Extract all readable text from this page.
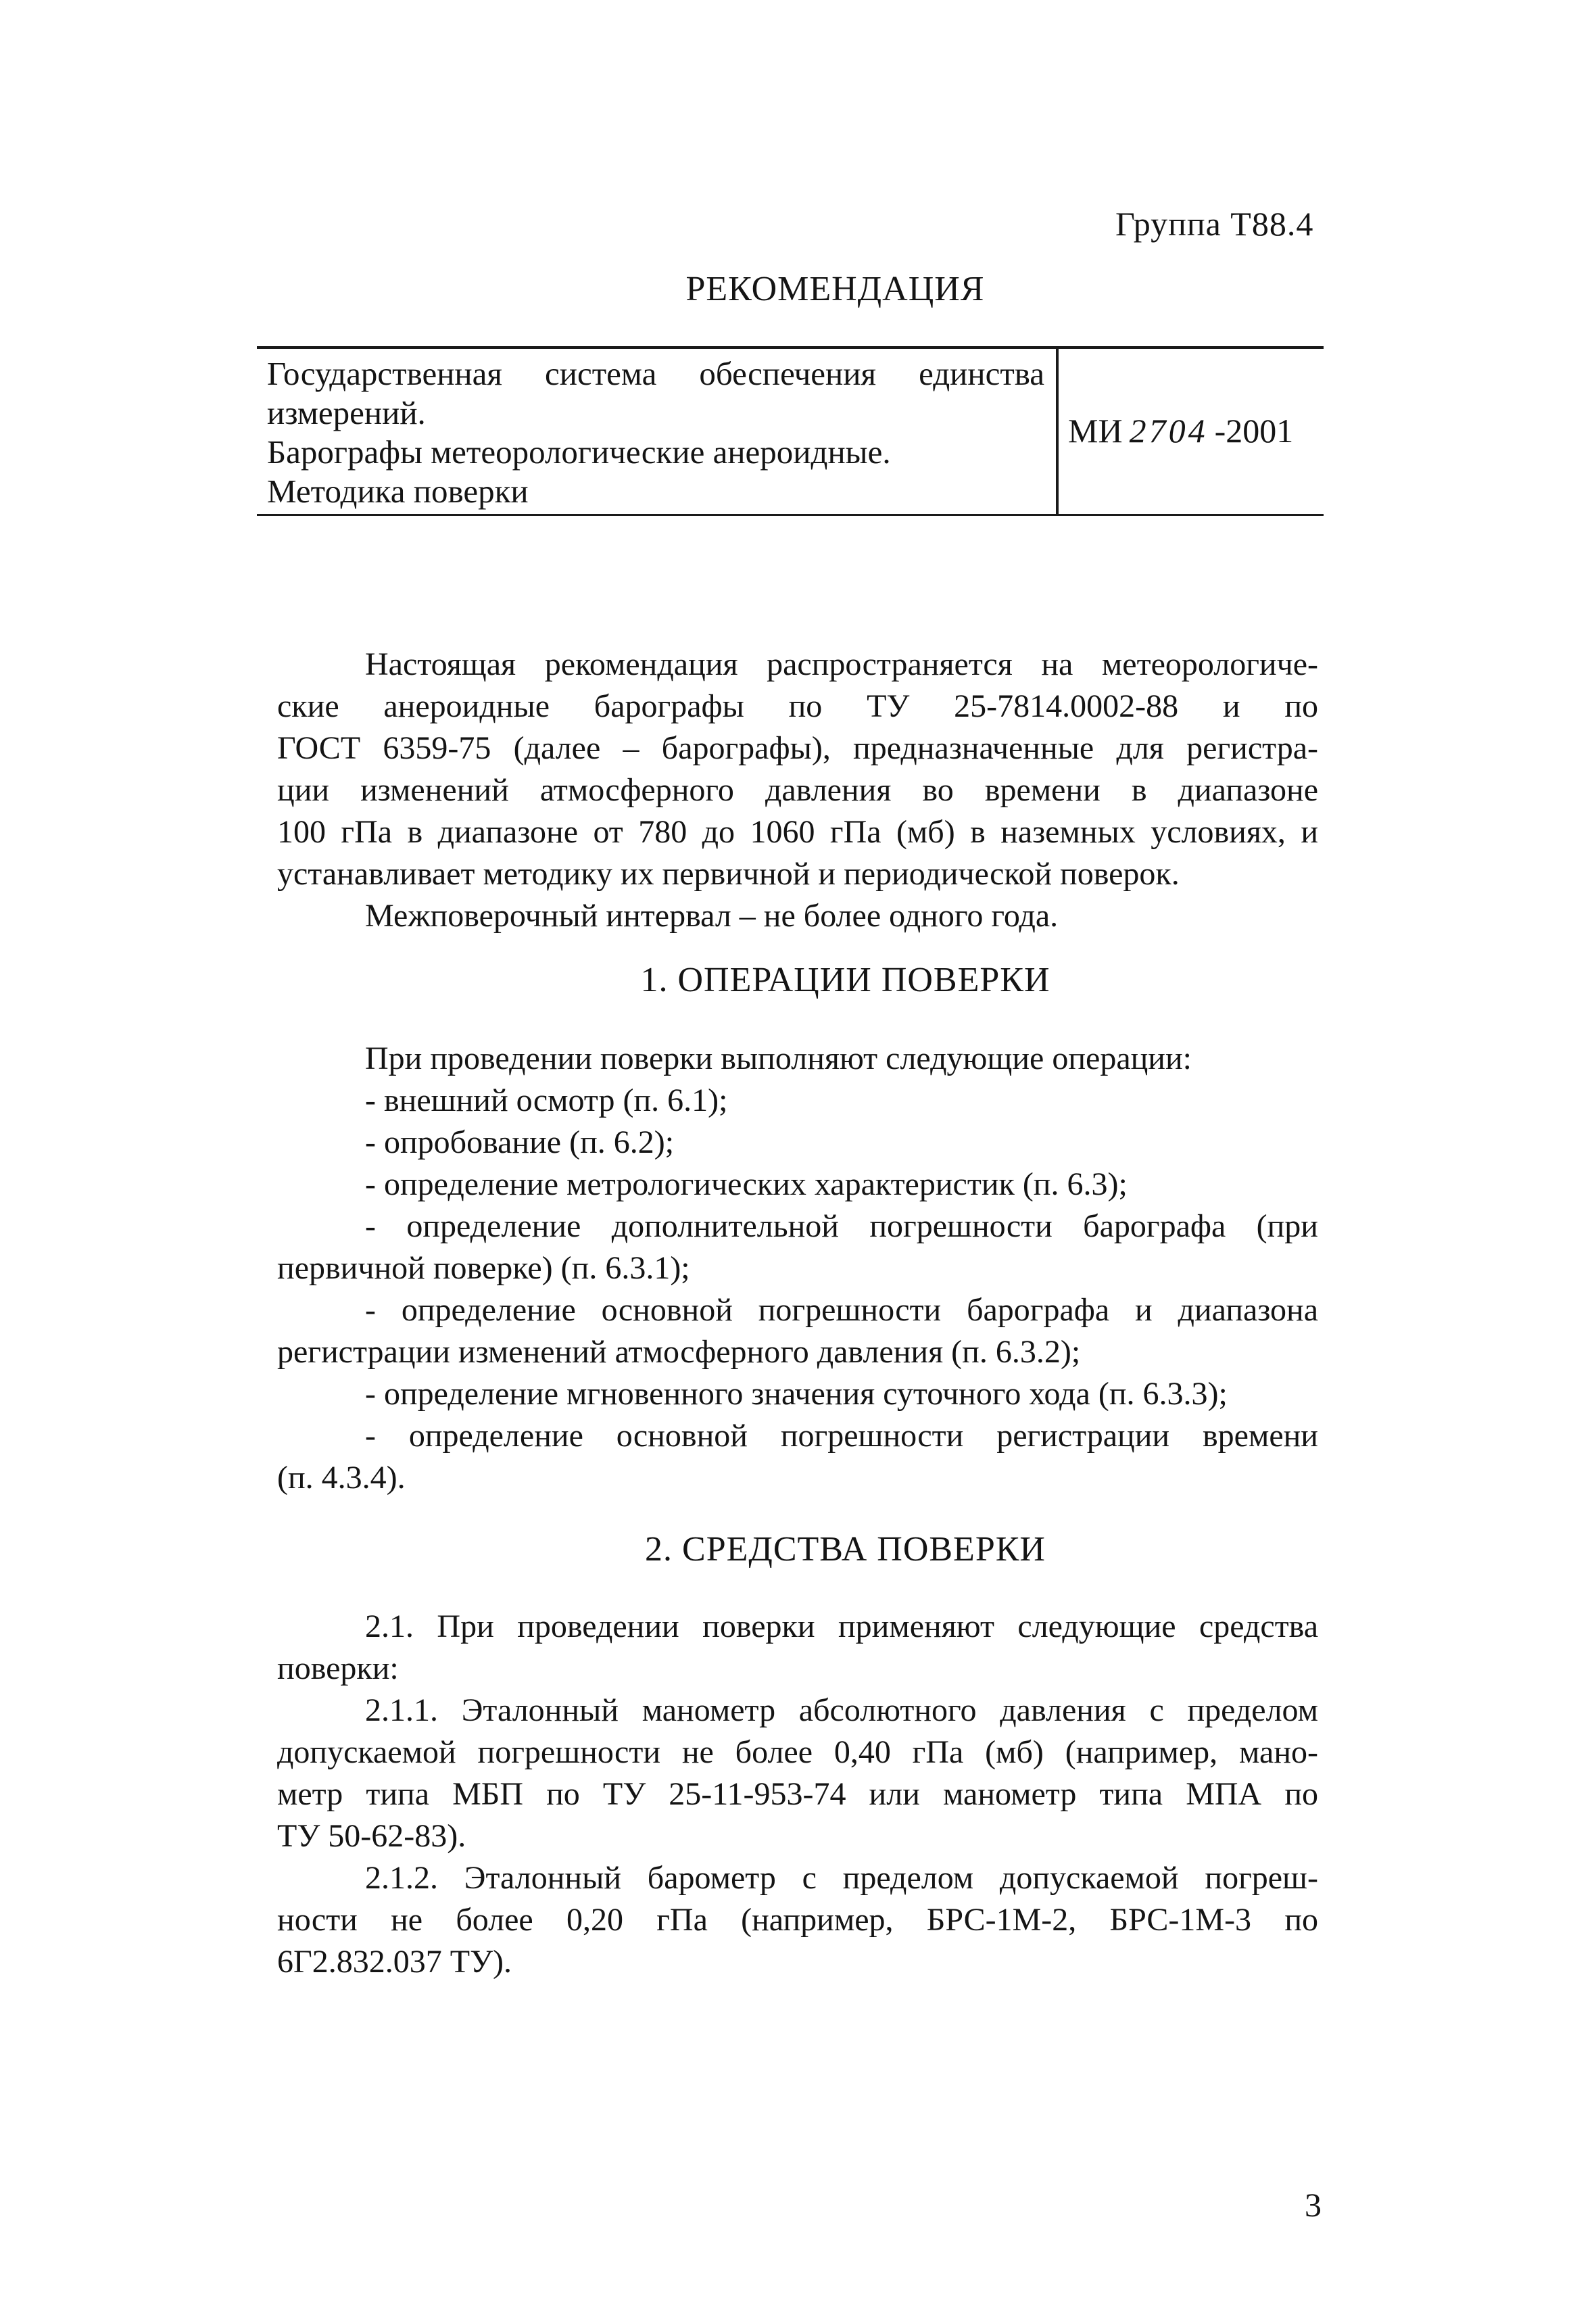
Группа Т88.4
РЕКОМЕНДАЦИЯ
Государственная система обеспечения единства
измерений.
Барографы метеорологические анероидные.
Методика поверки
МИ 2704 -2001
Настоящая рекомендация распространяется на метеорологиче-
ские анероидные барографы по ТУ 25-7814.0002-88 и по
ГОСТ 6359-75 (далее – барографы), предназначенные для регистра-
ции изменений атмосферного давления во времени в диапазоне
100 гПа в диапазоне от 780 до 1060 гПа (мб) в наземных условиях, и
устанавливает методику их первичной и периодической поверок.
Межповерочный интервал – не более одного года.
1. ОПЕРАЦИИ ПОВЕРКИ
При проведении поверки выполняют следующие операции:
- внешний осмотр (п. 6.1);
- опробование (п. 6.2);
- определение метрологических характеристик (п. 6.3);
- определение дополнительной погрешности барографа (при
первичной поверке) (п. 6.3.1);
- определение основной погрешности барографа и диапазона
регистрации изменений атмосферного давления (п. 6.3.2);
- определение мгновенного значения суточного хода (п. 6.3.3);
- определение основной погрешности регистрации времени
(п. 4.3.4).
2. СРЕДСТВА ПОВЕРКИ
2.1. При проведении поверки применяют следующие средства
поверки:
2.1.1. Эталонный манометр абсолютного давления с пределом
допускаемой погрешности не более 0,40 гПа (мб) (например, мано-
метр типа МБП по ТУ 25-11-953-74 или манометр типа МПА по
ТУ 50-62-83).
2.1.2. Эталонный барометр с пределом допускаемой погреш-
ности не более 0,20 гПа (например, БРС-1М-2, БРС-1М-3 по
6Г2.832.037 ТУ).
3
